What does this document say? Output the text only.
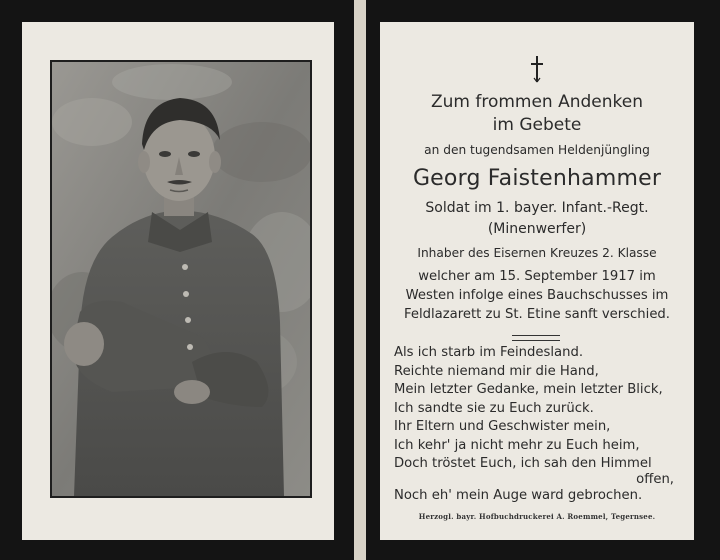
Zum frommen Andenken
im Gebete
an den tugendsamen Heldenjüngling
Georg Faistenhammer
Soldat im 1. bayer. Infant.-Regt.
(Minenwerfer)
Inhaber des Eisernen Kreuzes 2. Klasse
welcher am 15. September 1917 im
Westen infolge eines Bauchschusses im
Feldlazarett zu St. Etine sanft verschied.
Als ich starb im Feindesland.
Reichte niemand mir die Hand,
Mein letzter Gedanke, mein letzter Blick,
Ich sandte sie zu Euch zurück.
Ihr Eltern und Geschwister mein,
Ich kehr' ja nicht mehr zu Euch heim,
Doch tröstet Euch, ich sah den Himmel
offen,
Noch eh' mein Auge ward gebrochen.
Herzogl. bayr. Hofbuchdruckerei A. Roemmel, Tegernsee.
